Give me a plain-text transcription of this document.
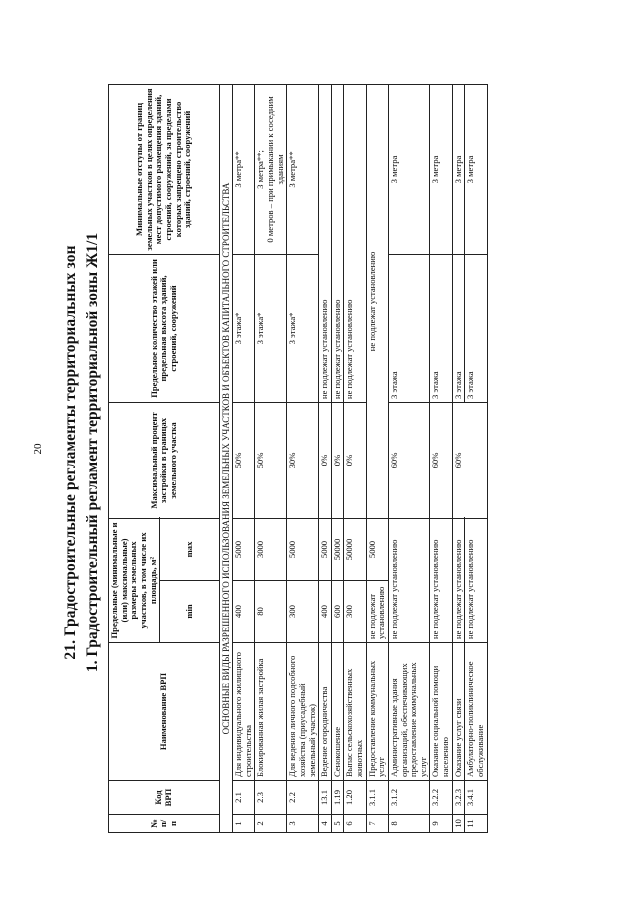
20 21. Градостроительные регламенты территориальных зон 1. Градостроительный регламент территориальной зоны Ж1/1
№ п/п	Код ВРП	Наименование ВРП	Предельные (минимальные и (или) максимальные) размеры земельных участков, в том числе их площадь, м²		Максимальный процент застройки в границах земельного участка	Предельное количество этажей или предельная высота зданий, строений, сооружений	Минимальные отступы от границ земельных участков в целях определения мест допустимого размещения зданий, строений, сооружений, за пределами которых запрещено строительство зданий, строений, сооружений
			min	max			
ОСНОВНЫЕ ВИДЫ РАЗРЕШЕННОГО ИСПОЛЬЗОВАНИЯ ЗЕМЕЛЬНЫХ УЧАСТКОВ И ОБЪЕКТОВ КАПИТАЛЬНОГО СТРОИТЕЛЬСТВА							
1	2.1	Для индивидуального жилищного строительства	400	5000	50%	3 этажа*	3 метра**
2	2.3	Блокированная жилая застройка	80	3000	50%	3 этажа*	3 метра**;
0 метров – при примыкании к соседним зданиям
3	2.2	Для ведения личного подсобного хозяйства (приусадебный земельный участок)	300	5000	30%	3 этажа*	3 метра**
4	13.1	Ведение огородничества	400	5000	0%	не подлежат установлению	
5	1.19	Сенокошение	600	50000	0%	не подлежат установлению	
6	1.20	Выпас сельскохозяйственных животных	300	50000	0%	не подлежат установлению	
7	3.1.1	Предоставление коммунальных услуг	не подлежат установлению	5000	не подлежат установлению		
8	3.1.2	Административные здания организаций, обеспечивающих предоставление коммунальных услуг	не подлежат установлению		60%	3 этажа	3 метра
9	3.2.2	Оказание социальной помощи населению	не подлежат установлению		60%	3 этажа	3 метра
10	3.2.3	Оказание услуг связи	не подлежат установлению		60%	3 этажа	3 метра
11	3.4.1	Амбулаторно-поликлиническое обслуживание	не подлежат установлению			3 этажа	3 метра
